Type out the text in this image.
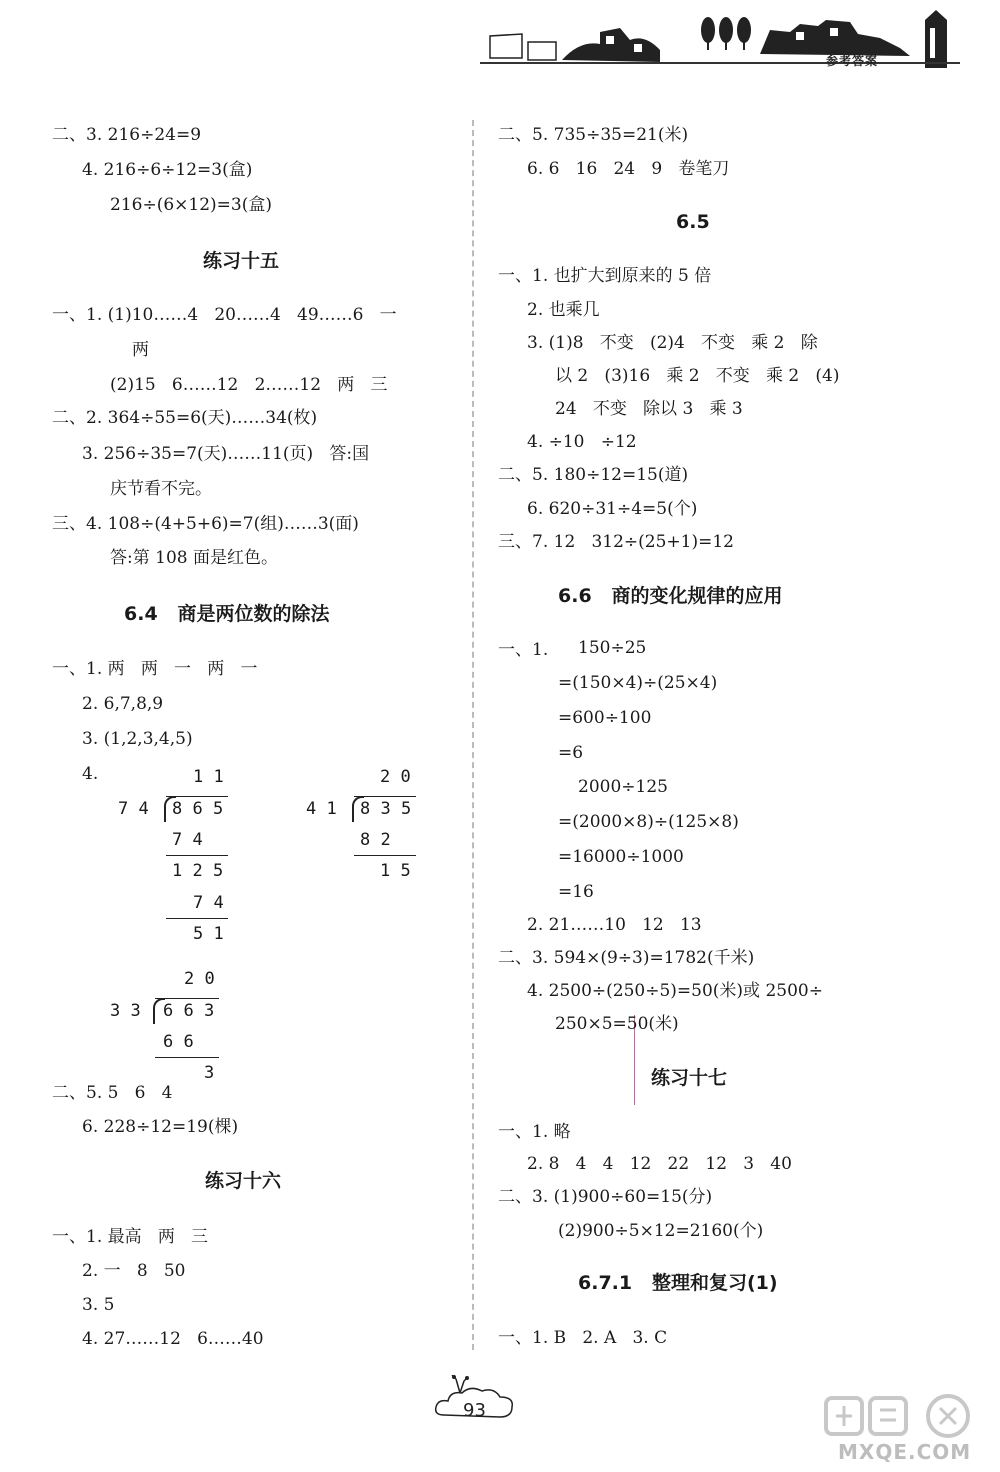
参考答案
二、3. 216÷24=9
4. 216÷6÷12=3(盒)
216÷(6×12)=3(盒)
练习十五
一、1. (1)10……4   20……4   49……6   一
两
(2)15   6……12   2……12   两   三
二、2. 364÷55=6(天)……34(枚)
3. 256÷35=7(天)……11(页)   答:国
庆节看不完。
三、4. 108÷(4+5+6)=7(组)……3(面)
答:第 108 面是红色。
6.4   商是两位数的除法
一、1. 两   两   一   两   一
2. 6,7,8,9
3. (1,2,3,4,5)
4.	1 1
7 4 8 6 5
7 4
1 2 5
7 4
5 1
2 0
4 1 8 3 5
8 2
1 5
2 0
3 3 6 6 3
6 6
3
二、5. 5   6   4
6. 228÷12=19(棵)
练习十六
一、1. 最高   两   三
2. 一   8   50
3. 5
4. 27……12   6……40
二、5. 735÷35=21(米)
6. 6   16   24   9   卷笔刀
6.5
一、1. 也扩大到原来的 5 倍
2. 也乘几
3. (1)8   不变   (2)4   不变   乘 2   除
以 2   (3)16   乘 2   不变   乘 2   (4)
24   不变   除以 3   乘 3
4. ÷10   ÷12
二、5. 180÷12=15(道)
6. 620÷31÷4=5(个)
三、7. 12   312÷(25+1)=12
6.6   商的变化规律的应用
一、1. 150÷25
=(150×4)÷(25×4)
=600÷100
=6
2000÷125
=(2000×8)÷(125×8)
=16000÷1000
=16
2. 21……10   12   13
二、3. 594×(9÷3)=1782(千米)
4. 2500÷(250÷5)=50(米)或 2500÷
250×5=50(米)
练习十七
一、1. 略
2. 8   4   4   12   22   12   3   40
二、3. (1)900÷60=15(分)
(2)900÷5×12=2160(个)
6.7.1   整理和复习(1)
一、1. B   2. A   3. C
93
MXQE.COM
